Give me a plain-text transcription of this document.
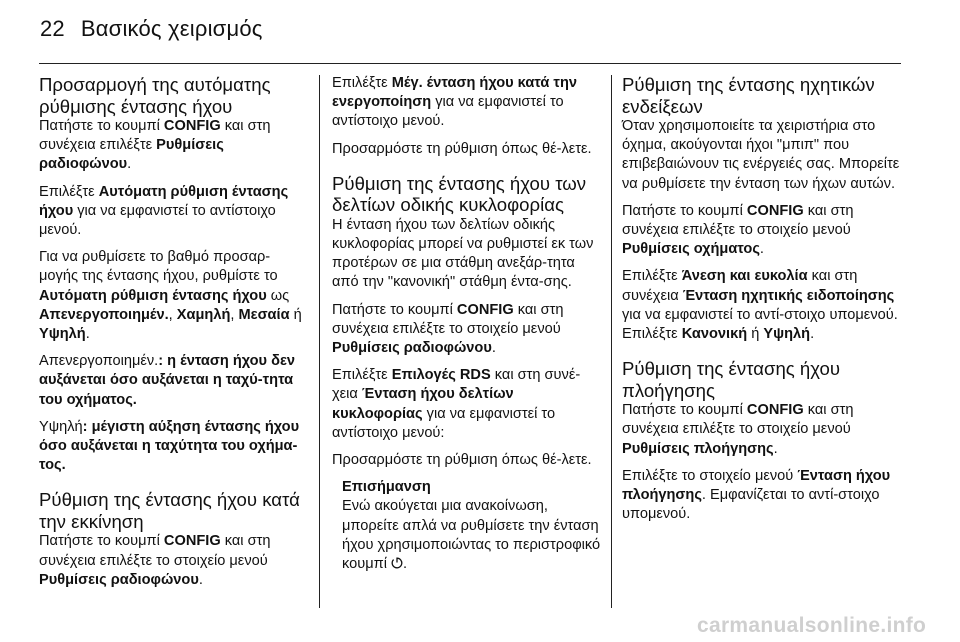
22 Βασικός χειρισμός
Προσαρμογή της αυτόματης ρύθμισης έντασης ήχου

Πατήστε το κουμπί CONFIG και στη συνέχεια επιλέξτε Ρυθμίσεις ραδιοφώνου.

Επιλέξτε Αυτόματη ρύθμιση έντασης ήχου για να εμφανιστεί το αντίστοιχο μενού.

Για να ρυθμίσετε το βαθμό προσαρ-μογής της έντασης ήχου, ρυθμίστε το Αυτόματη ρύθμιση έντασης ήχου ως Απενεργοποιημέν., Χαμηλή, Μεσαία ή Υψηλή.

Απενεργοποιημέν.: η ένταση ήχου δεν αυξάνεται όσο αυξάνεται η ταχύ-τητα του οχήματος.

Υψηλή: μέγιστη αύξηση έντασης ήχου όσο αυξάνεται η ταχύτητα του οχήμα-τος.

Ρύθμιση της έντασης ήχου κατά την εκκίνηση

Πατήστε το κουμπί CONFIG και στη συνέχεια επιλέξτε το στοιχείο μενού Ρυθμίσεις ραδιοφώνου.

Επιλέξτε Μέγ. ένταση ήχου κατά την ενεργοποίηση για να εμφανιστεί το αντίστοιχο μενού.

Προσαρμόστε τη ρύθμιση όπως θέ-λετε.

Ρύθμιση της έντασης ήχου των δελτίων οδικής κυκλοφορίας

Η ένταση ήχου των δελτίων οδικής κυκλοφορίας μπορεί να ρυθμιστεί εκ των προτέρων σε μια στάθμη ανεξάρ-τητα από την "κανονική" στάθμη έντα-σης.

Πατήστε το κουμπί CONFIG και στη συνέχεια επιλέξτε το στοιχείο μενού Ρυθμίσεις ραδιοφώνου.

Επιλέξτε Επιλογές RDS και στη συνέ-χεια Ένταση ήχου δελτίων κυκλοφορίας για να εμφανιστεί το αντίστοιχο μενού:

Προσαρμόστε τη ρύθμιση όπως θέ-λετε.

Επισήμανση
Ενώ ακούγεται μια ανακοίνωση, μπορείτε απλά να ρυθμίσετε την ένταση ήχου χρησιμοποιώντας το περιστροφικό κουμπί .
Ρύθμιση της έντασης ηχητικών ενδείξεων

Όταν χρησιμοποιείτε τα χειριστήρια στο όχημα, ακούγονται ήχοι "μπιπ" που επιβεβαιώνουν τις ενέργειές σας. Μπορείτε να ρυθμίσετε την ένταση των ήχων αυτών.

Πατήστε το κουμπί CONFIG και στη συνέχεια επιλέξτε το στοιχείο μενού Ρυθμίσεις οχήματος.

Επιλέξτε Άνεση και ευκολία και στη συνέχεια Ένταση ηχητικής ειδοποίησης για να εμφανιστεί το αντί-στοιχο υπομενού. Επιλέξτε Κανονική ή Υψηλή.

Ρύθμιση της έντασης ήχου πλοήγησης

Πατήστε το κουμπί CONFIG και στη συνέχεια επιλέξτε το στοιχείο μενού Ρυθμίσεις πλοήγησης.

Επιλέξτε το στοιχείο μενού Ένταση ήχου πλοήγησης. Εμφανίζεται το αντί-στοιχο υπομενού.

carmanualsonline.info
